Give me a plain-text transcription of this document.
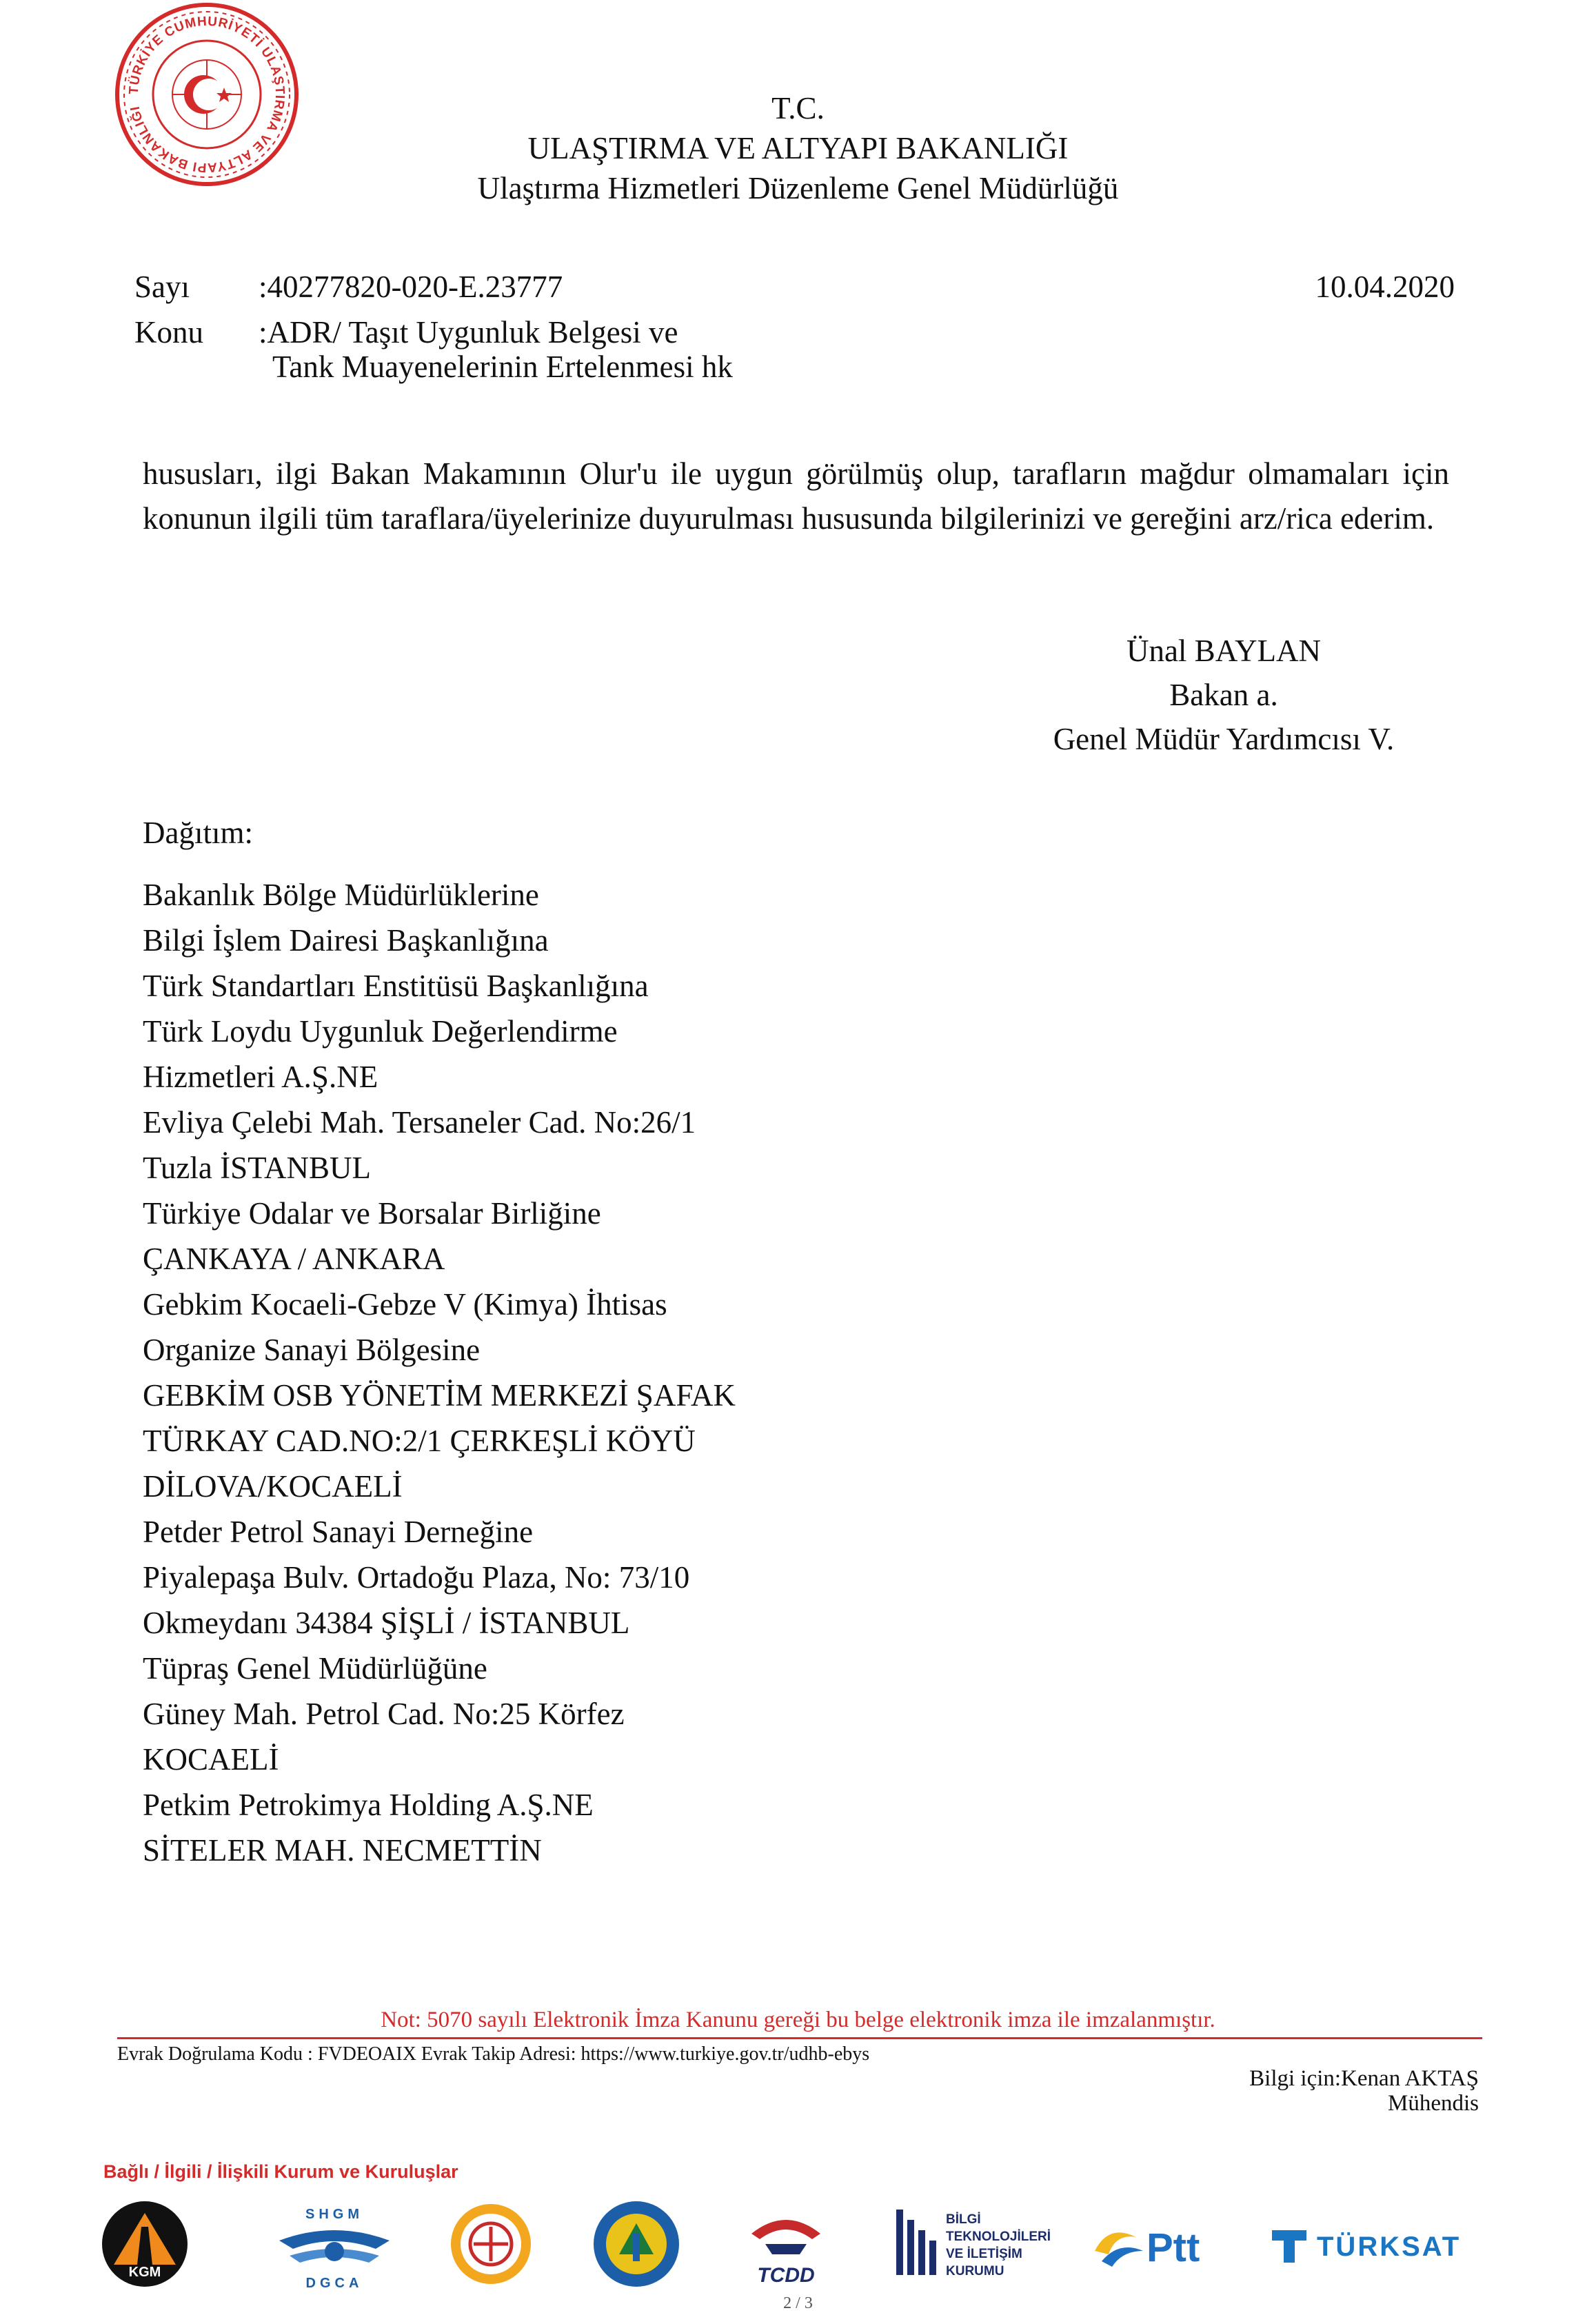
TÜRKİYE CUMHURİYETİ ULAŞTIRMA VE ALTYAPI BAKANLIĞI	T.C.
ULAŞTIRMA VE ALTYAPI BAKANLIĞI
Ulaştırma Hizmetleri Düzenleme Genel Müdürlüğü
Sayı :40277820-020-E.23777	10.04.2020
Konu :ADR/ Taşıt Uygunluk Belgesi ve
Tank Muayenelerinin Ertelenmesi hk
hususları, ilgi Bakan Makamının Olur'u ile uygun görülmüş olup, tarafların mağdur olmamaları için konunun ilgili tüm taraflara/üyelerinize duyurulması hususunda bilgilerinizi ve gereğini arz/rica ederim.
Ünal BAYLAN
Bakan a.
Genel Müdür Yardımcısı V.
Dağıtım:
Bakanlık Bölge Müdürlüklerine
Bilgi İşlem Dairesi Başkanlığına
Türk Standartları Enstitüsü Başkanlığına
Türk Loydu Uygunluk Değerlendirme
Hizmetleri A.Ş.NE
Evliya Çelebi Mah. Tersaneler Cad. No:26/1
Tuzla İSTANBUL
Türkiye Odalar ve Borsalar Birliğine
ÇANKAYA / ANKARA
Gebkim Kocaeli-Gebze V (Kimya) İhtisas
Organize Sanayi Bölgesine
GEBKİM OSB YÖNETİM MERKEZİ ŞAFAK
TÜRKAY CAD.NO:2/1 ÇERKEŞLİ KÖYÜ
DİLOVA/KOCAELİ
Petder Petrol Sanayi Derneğine
Piyalepaşa Bulv. Ortadoğu Plaza, No: 73/10
Okmeydanı 34384 ŞİŞLİ / İSTANBUL
Tüpraş Genel Müdürlüğüne
Güney Mah. Petrol Cad. No:25 Körfez
KOCAELİ
Petkim Petrokimya Holding A.Ş.NE
SİTELER MAH. NECMETTİN
Not: 5070 sayılı Elektronik İmza Kanunu gereği bu belge elektronik imza ile imzalanmıştır.
Evrak Doğrulama Kodu : FVDEOAIX Evrak Takip Adresi: https://www.turkiye.gov.tr/udhb-ebys
Bilgi için:Kenan AKTAŞ
Mühendis
Bağlı / İlgili / İlişkili Kurum ve Kuruluşlar
KGM
SHGM
DGCA	TCDD
BİLGİ
TEKNOLOJİLERİ
VE İLETİŞİM
KURUMU
Ptt	TÜRKSAT
2 / 3
